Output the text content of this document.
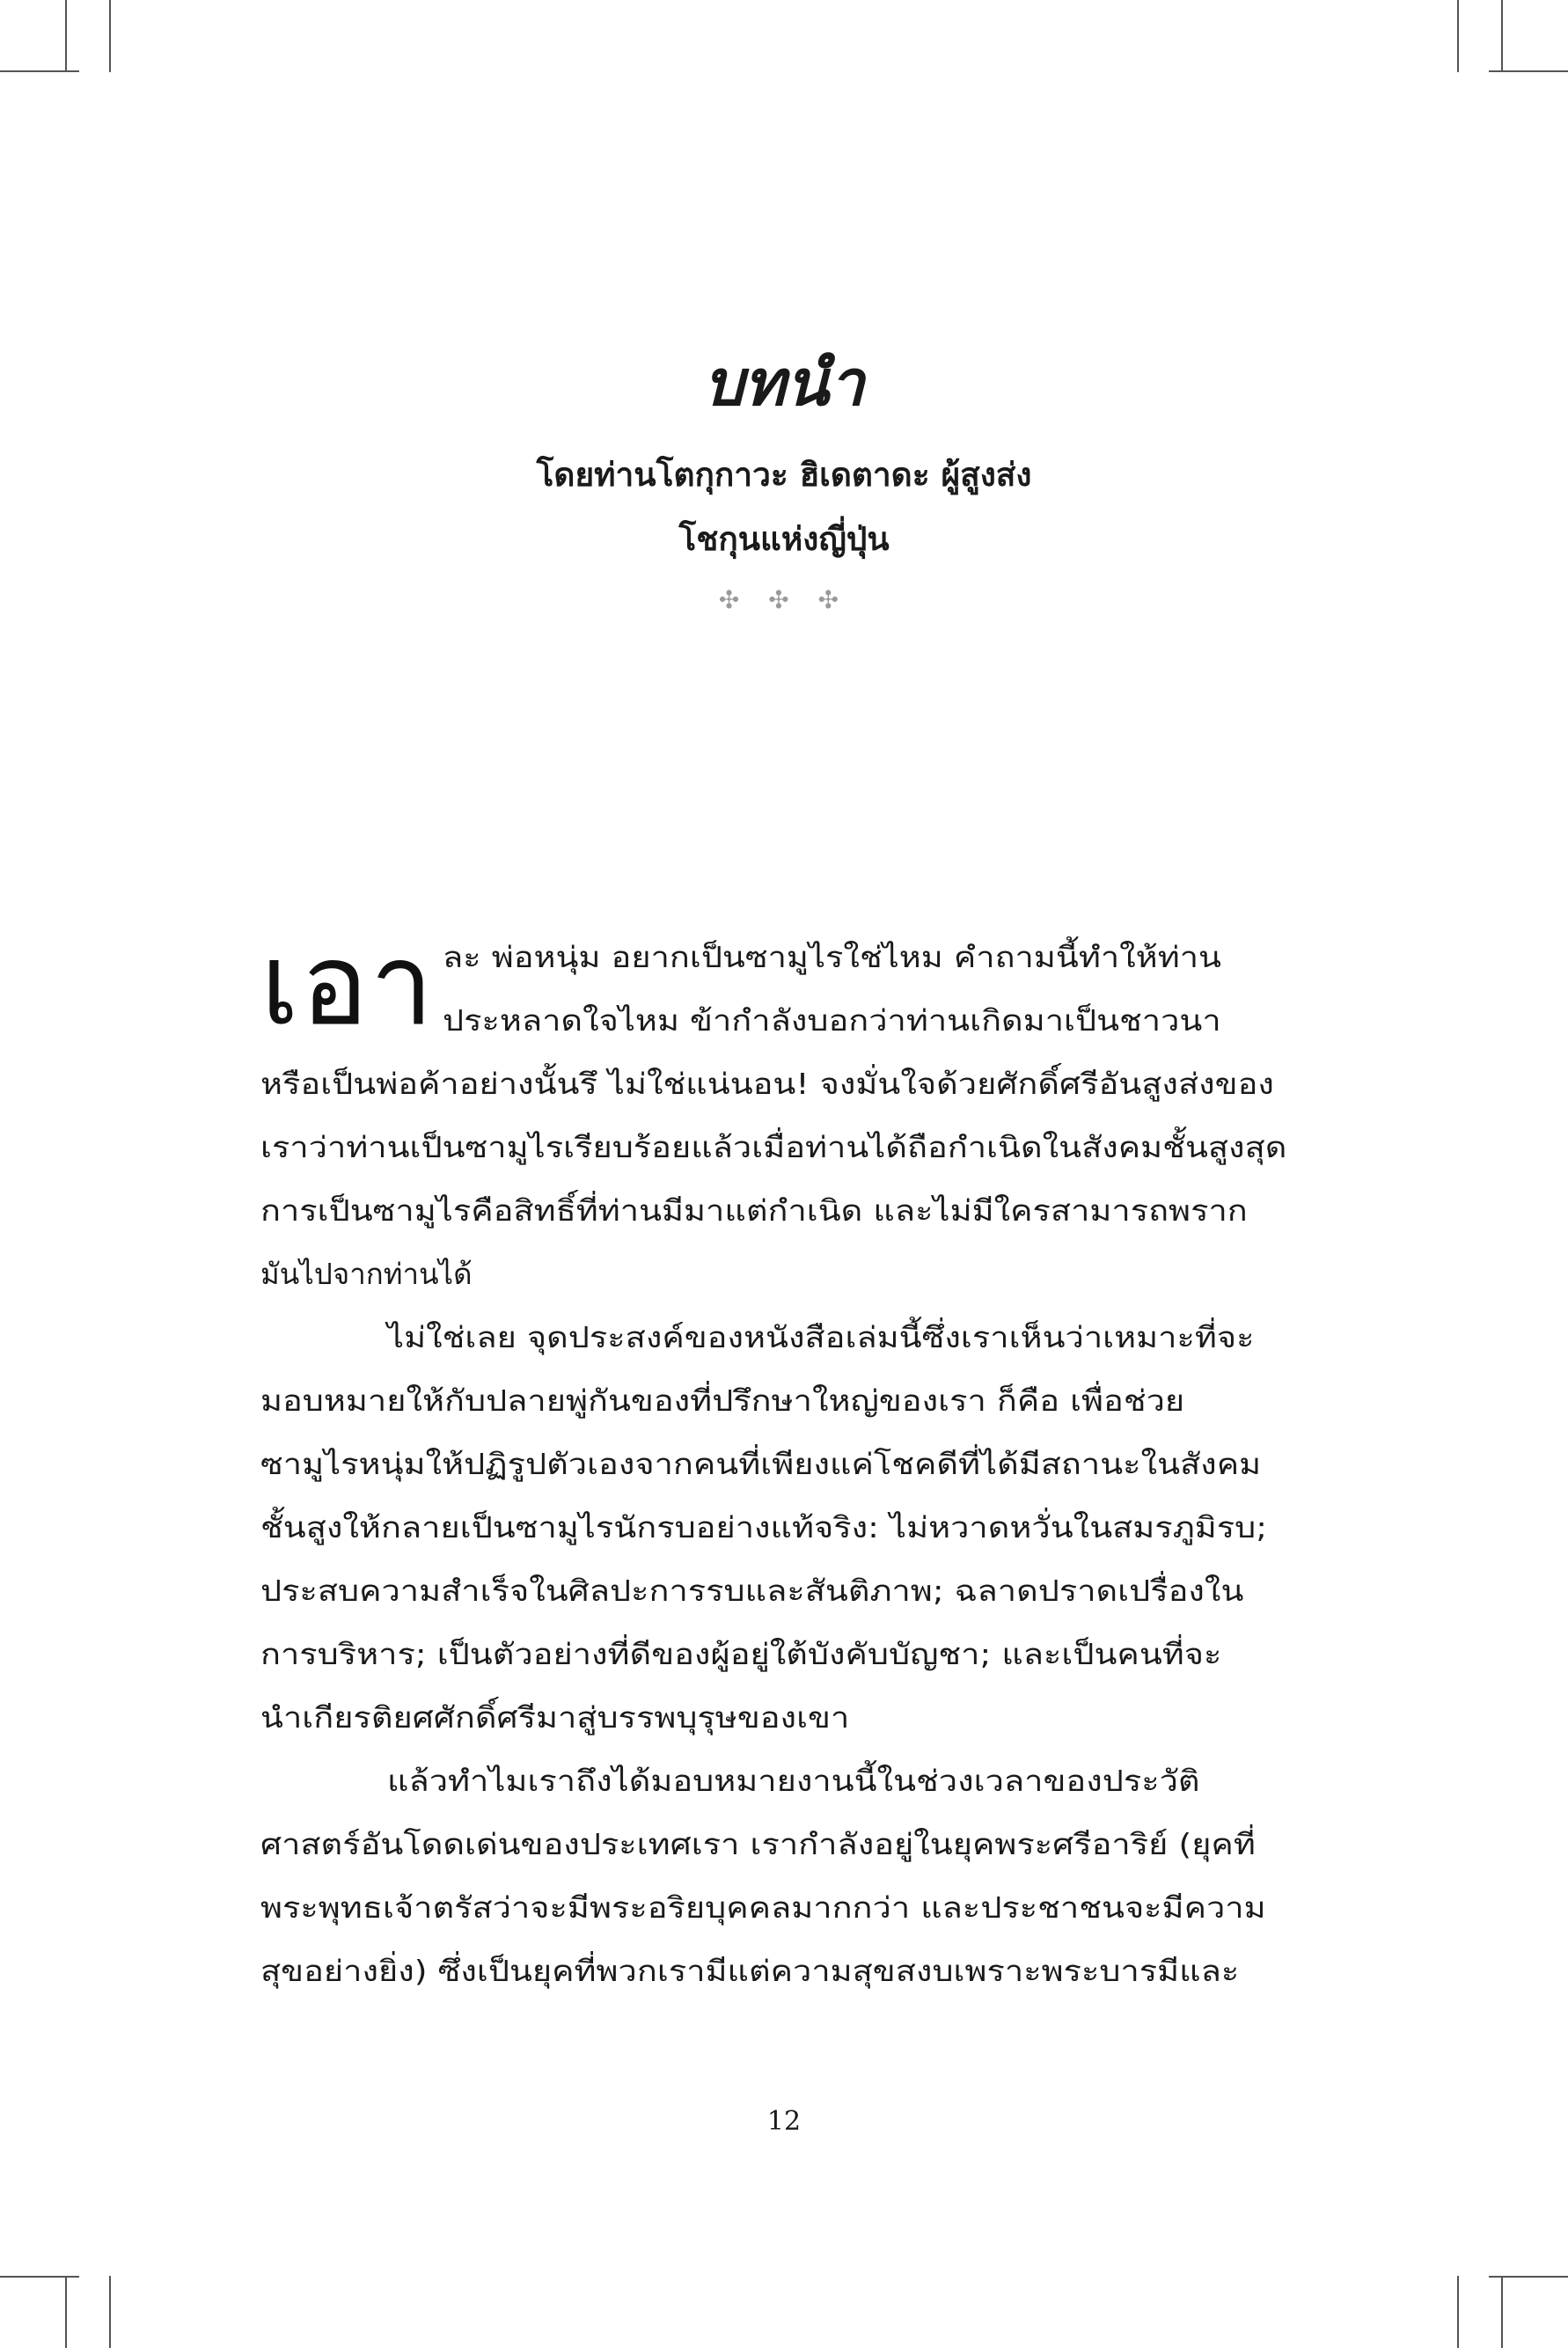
บทนำ
โดยท่านโตกุกาวะ ฮิเดตาดะ ผู้สูงส่ง
โชกุนแห่งญี่ปุ่น
✣ ✣ ✣
เอา ละ พ่อหนุ่ม อยากเป็นซามูไรใช่ไหม คำถามนี้ทำให้ท่าน
ประหลาดใจไหม ข้ากำลังบอกว่าท่านเกิดมาเป็นชาวนา
หรือเป็นพ่อค้าอย่างนั้นรึ ไม่ใช่แน่นอน! จงมั่นใจด้วยศักดิ์ศรีอันสูงส่งของ
เราว่าท่านเป็นซามูไรเรียบร้อยแล้วเมื่อท่านได้ถือกำเนิดในสังคมชั้นสูงสุด
การเป็นซามูไรคือสิทธิ์ที่ท่านมีมาแต่กำเนิด และไม่มีใครสามารถพราก
มันไปจากท่านได้
ไม่ใช่เลย จุดประสงค์ของหนังสือเล่มนี้ซึ่งเราเห็นว่าเหมาะที่จะ
มอบหมายให้กับปลายพู่กันของที่ปรึกษาใหญ่ของเรา ก็คือ เพื่อช่วย
ซามูไรหนุ่มให้ปฏิรูปตัวเองจากคนที่เพียงแค่โชคดีที่ได้มีสถานะในสังคม
ชั้นสูงให้กลายเป็นซามูไรนักรบอย่างแท้จริง: ไม่หวาดหวั่นในสมรภูมิรบ;
ประสบความสำเร็จในศิลปะการรบและสันติภาพ; ฉลาดปราดเปรื่องใน
การบริหาร; เป็นตัวอย่างที่ดีของผู้อยู่ใต้บังคับบัญชา; และเป็นคนที่จะ
นำเกียรติยศศักดิ์ศรีมาสู่บรรพบุรุษของเขา
แล้วทำไมเราถึงได้มอบหมายงานนี้ในช่วงเวลาของประวัติ
ศาสตร์อันโดดเด่นของประเทศเรา เรากำลังอยู่ในยุคพระศรีอาริย์ (ยุคที่
พระพุทธเจ้าตรัสว่าจะมีพระอริยบุคคลมากกว่า และประชาชนจะมีความ
สุขอย่างยิ่ง) ซึ่งเป็นยุคที่พวกเรามีแต่ความสุขสงบเพราะพระบารมีและ
12
